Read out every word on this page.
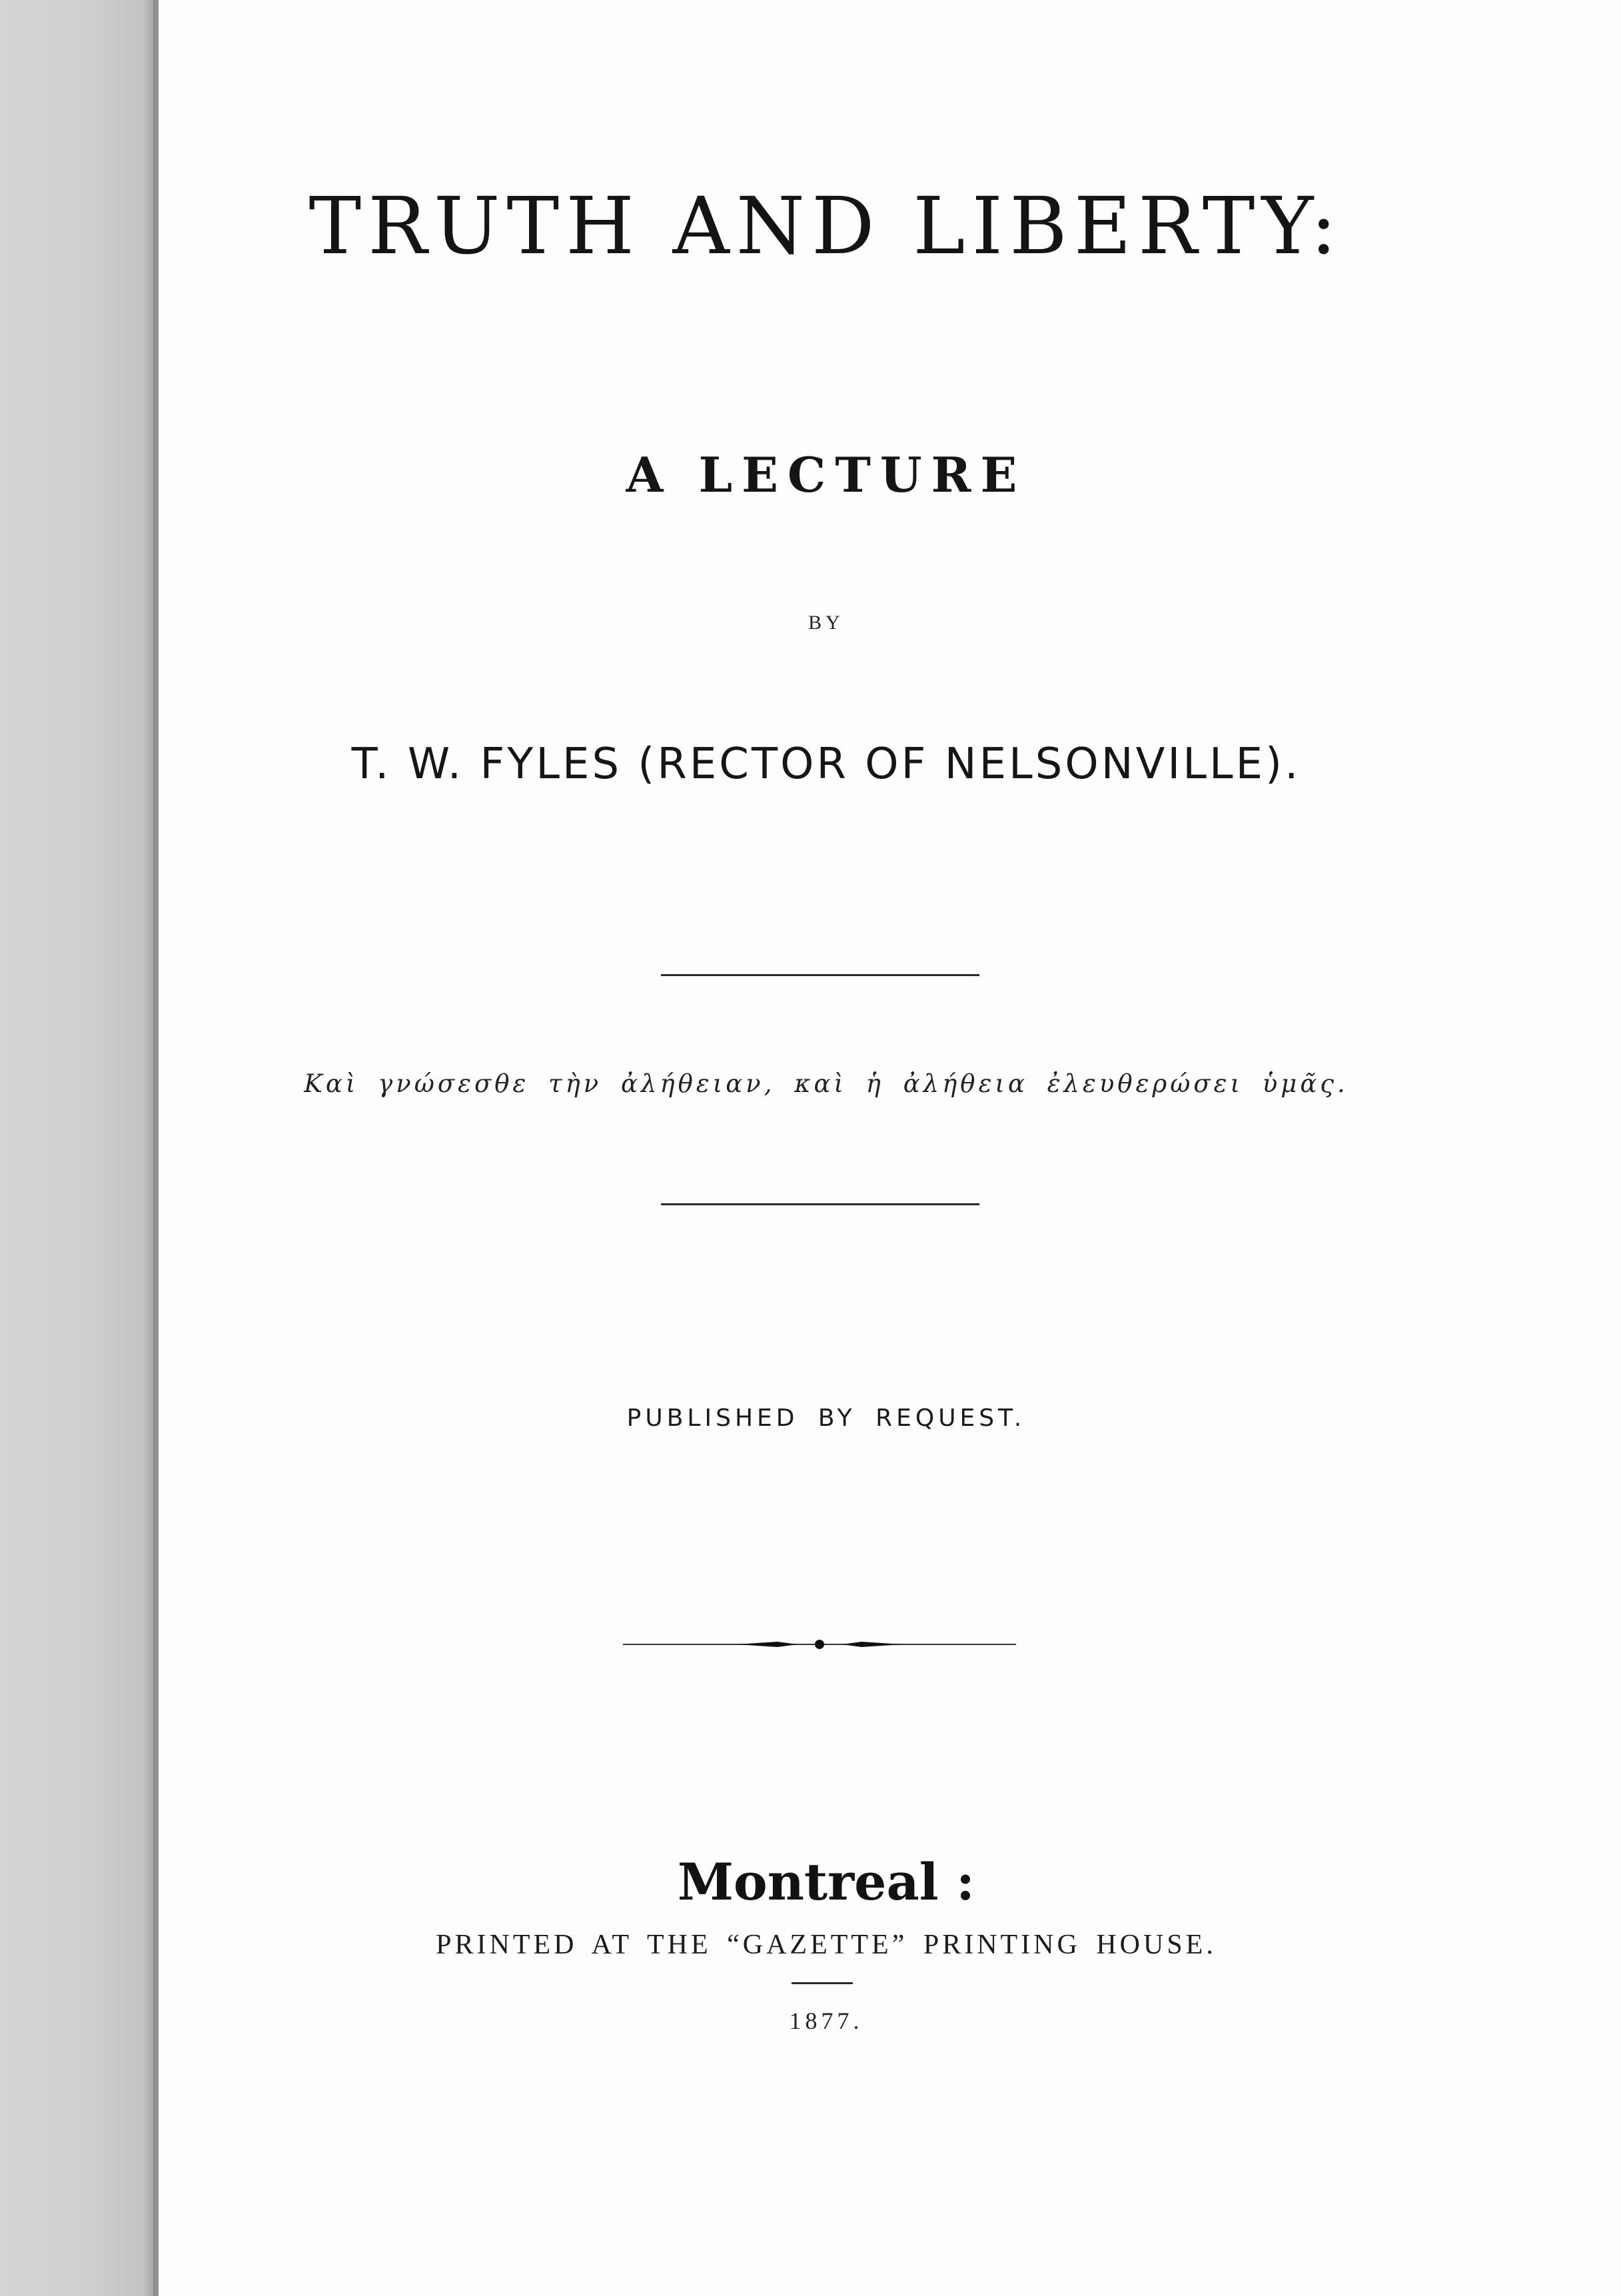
TRUTH AND LIBERTY:
A LECTURE
BY
T. W. FYLES (RECTOR OF NELSONVILLE).
Καὶ γνώσεσθε τὴν ἀλήθειαν, καὶ ἡ ἀλήθεια ἐλευθερώσει ὑμᾶς.
PUBLISHED BY REQUEST.
Montreal :
PRINTED AT THE “GAZETTE” PRINTING HOUSE.
1877.
